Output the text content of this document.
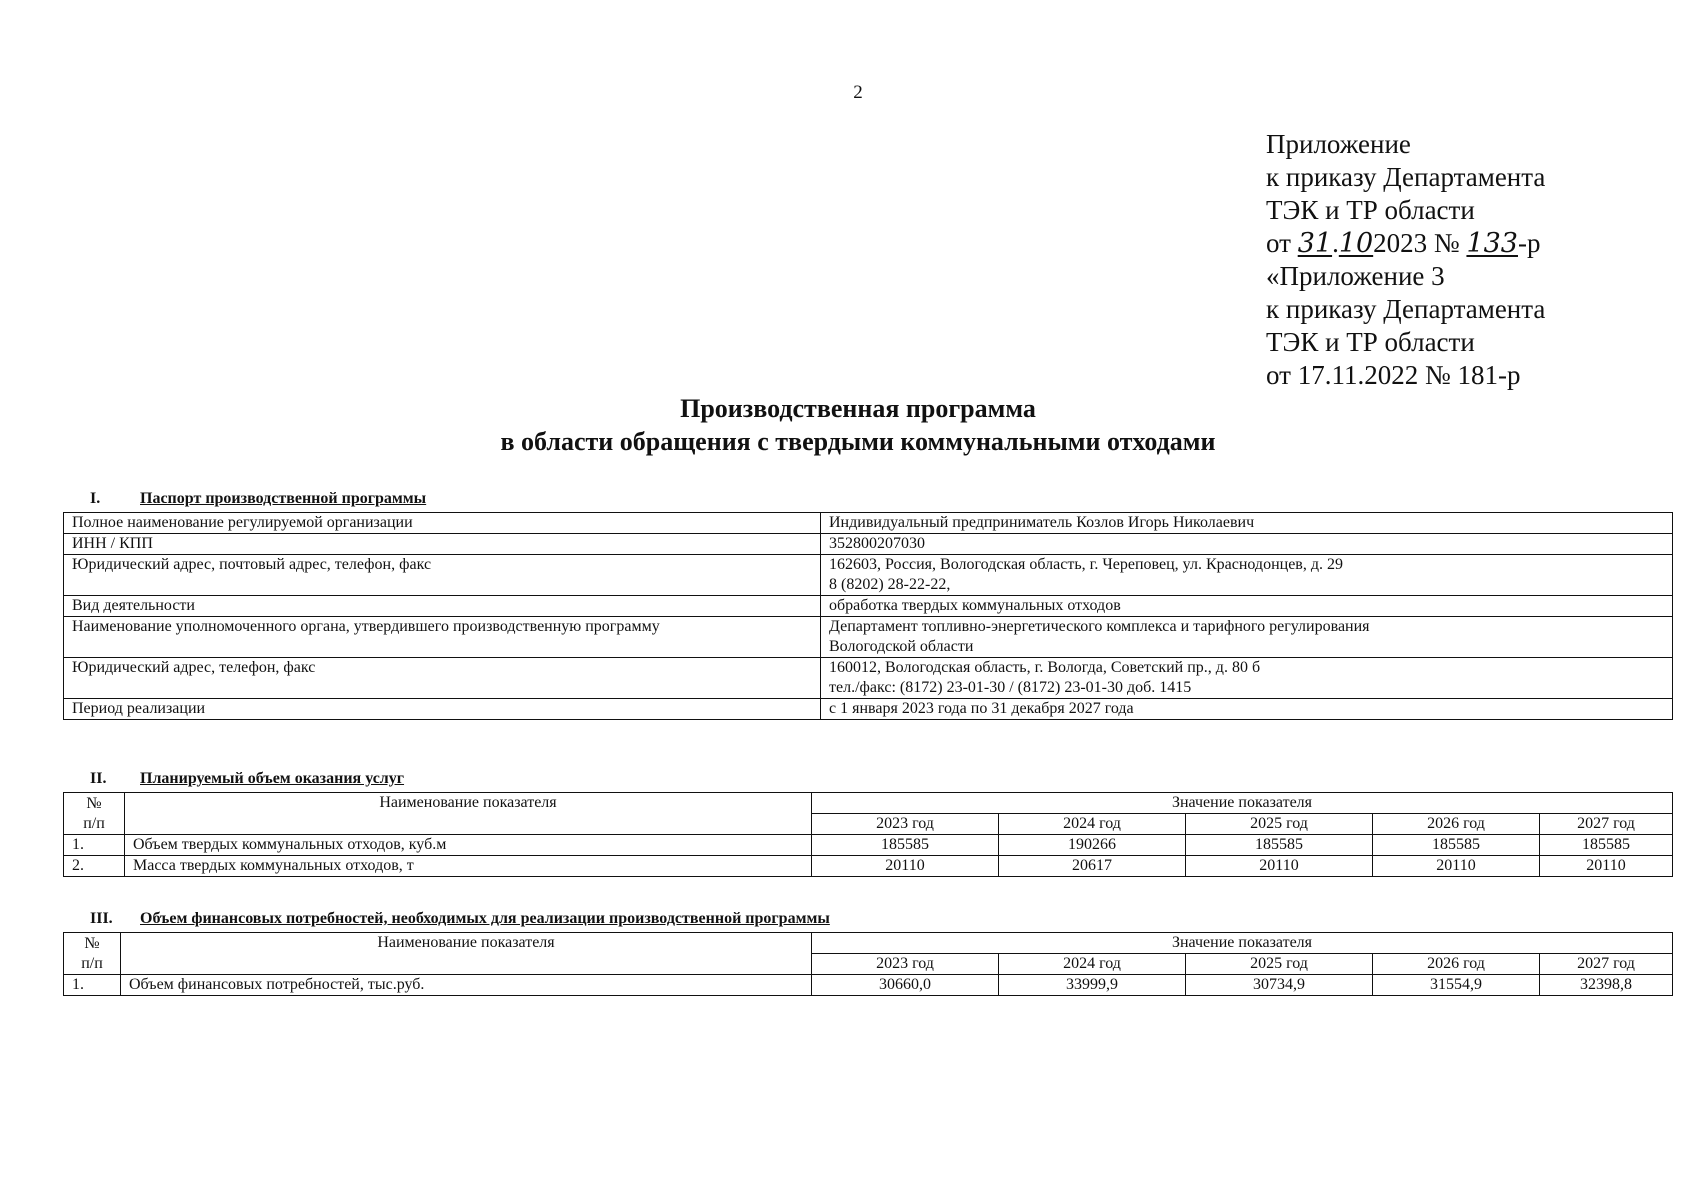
2
Приложение
к приказу Департамента
ТЭК и ТР области
от 31.102023 № 133-р
«Приложение 3
к приказу Департамента
ТЭК и ТР области
от 17.11.2022 № 181-р
Производственная программа
в области обращения с твердыми коммунальными отходами
I. Паспорт производственной программы
Полное наименование регулируемой организации	Индивидуальный предприниматель Козлов Игорь Николаевич

ИНН / КПП	352800207030

Юридический адрес, почтовый адрес, телефон, факс	162603, Россия, Вологодская область, г. Череповец, ул. Краснодонцев, д. 29
8 (8202) 28-22-22,

Вид деятельности	обработка твердых коммунальных отходов

Наименование уполномоченного органа, утвердившего производственную программу	Департамент топливно-энергетического комплекса и тарифного регулирования
Вологодской области

Юридический адрес, телефон, факс	160012, Вологодская область, г. Вологда, Советский пр., д. 80 б
тел./факс: (8172) 23-01-30 / (8172) 23-01-30 доб. 1415

Период реализации	с 1 января 2023 года по 31 декабря 2027 года
II. Планируемый объем оказания услуг
№
п/п	Наименование показателя	Значение показателя				
		2023 год	2024 год	2025 год	2026 год	2027 год
1.	Объем твердых коммунальных отходов, куб.м	185585	190266	185585	185585	185585
2.	Масса твердых коммунальных отходов, т	20110	20617	20110	20110	20110
III. Объем финансовых потребностей, необходимых для реализации производственной программы
№
п/п	Наименование показателя	Значение показателя				
		2023 год	2024 год	2025 год	2026 год	2027 год
1.	Объем финансовых потребностей, тыс.руб.	30660,0	33999,9	30734,9	31554,9	32398,8
